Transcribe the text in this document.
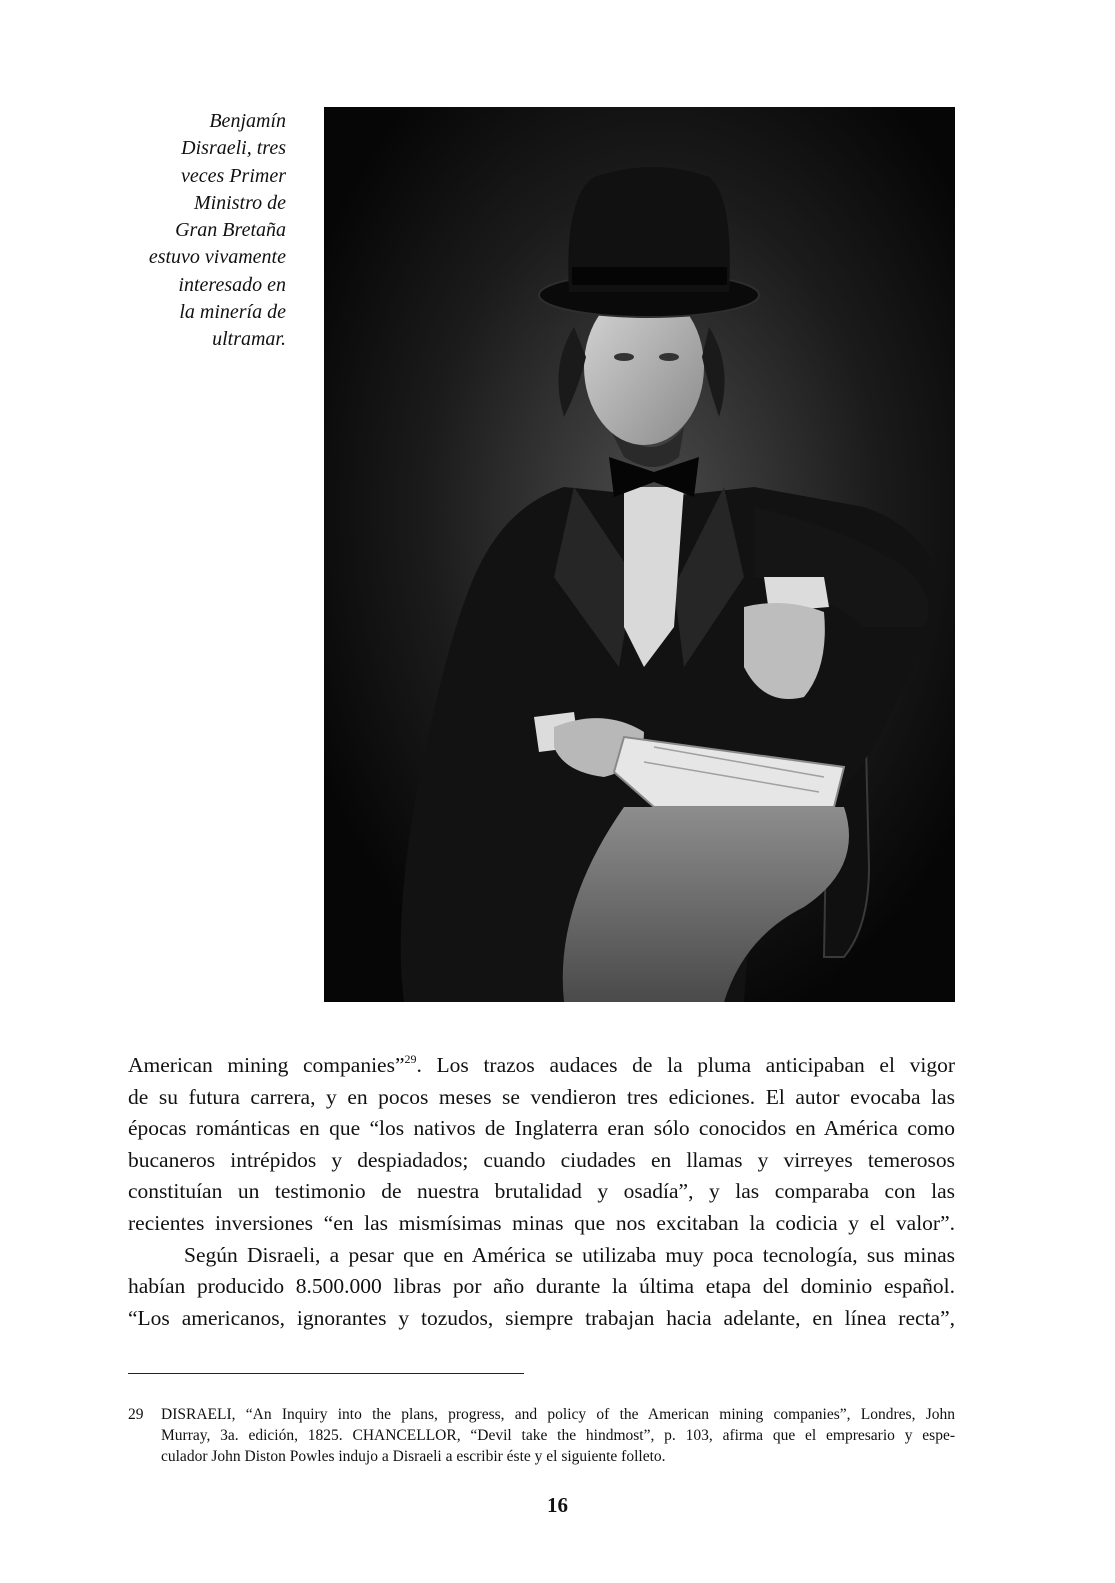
Benjamín
Disraeli, tres
veces Primer
Ministro de
Gran Bretaña
estuvo vivamente
interesado en
la minería de
ultramar.
American mining companies”$^{29}$. Los trazos audaces de la pluma anticipaban el vigor
de su futura carrera, y en pocos meses se vendieron tres ediciones. El autor evocaba las
épocas románticas en que “los nativos de Inglaterra eran sólo conocidos en América como
bucaneros intrépidos y despiadados; cuando ciudades en llamas y virreyes temerosos
constituían un testimonio de nuestra brutalidad y osadía”, y las comparaba con las
recientes inversiones “en las mismísimas minas que nos excitaban la codicia y el valor”.
Según Disraeli, a pesar que en América se utilizaba muy poca tecnología, sus minas
habían producido 8.500.000 libras por año durante la última etapa del dominio español.
“Los americanos, ignorantes y tozudos, siempre trabajan hacia adelante, en línea recta”,
29 DISRAELI, “An Inquiry into the plans, progress, and policy of the American mining companies”, Londres, John
Murray, 3a. edición, 1825. CHANCELLOR, “Devil take the hindmost”, p. 103, afirma que el empresario y espe-
culador John Diston Powles indujo a Disraeli a escribir éste y el siguiente folleto.
16
